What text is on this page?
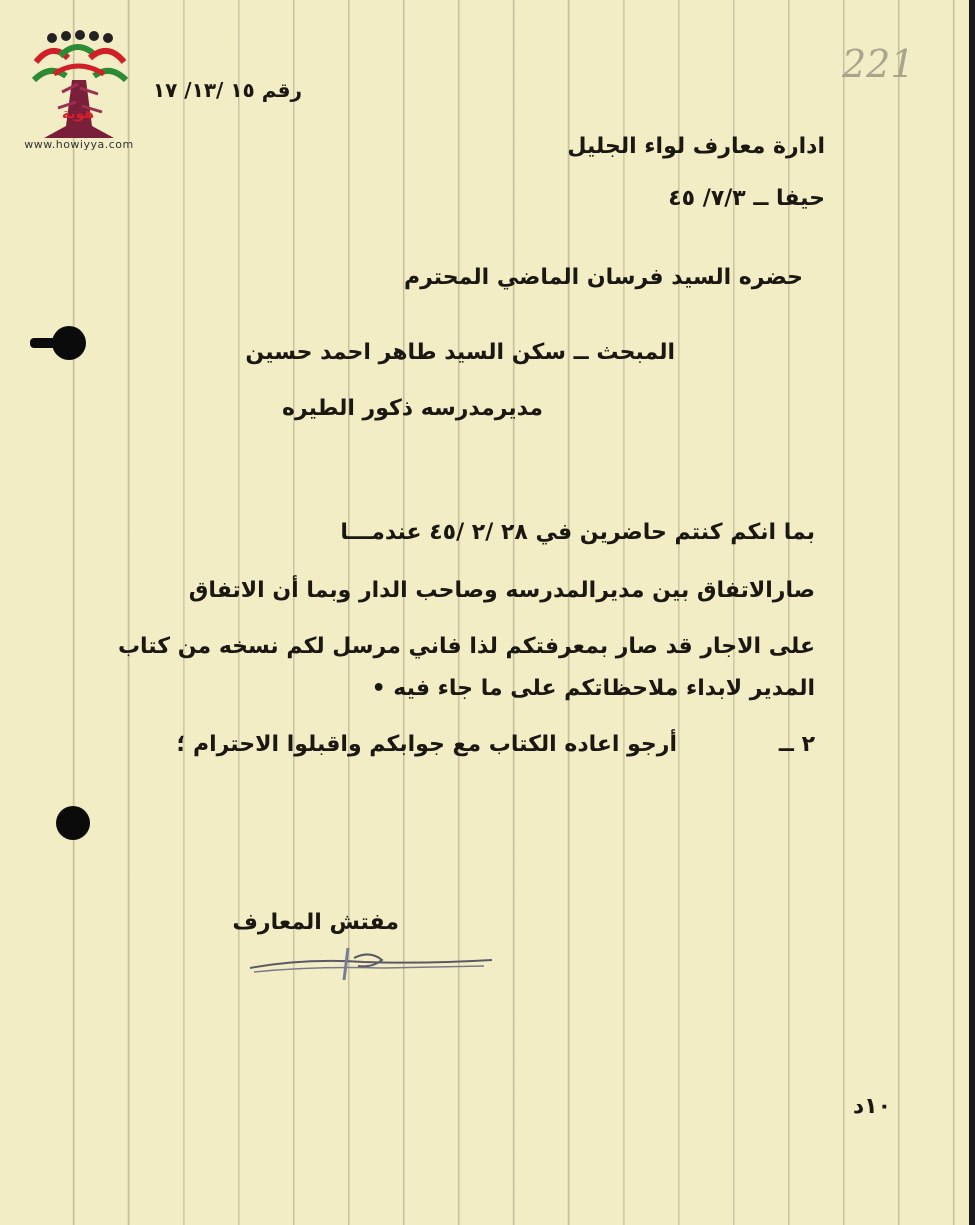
هوية
www.howiyya.com
221
رقم ١٥ /١٣/ ١٧
ادارة معارف لواء الجليل
حيفا ــ ٧/٣/ ٤٥
حضره السيد فرسان الماضي المحترم
المبحث ــ سكن السيد طاهر احمد حسين
مديرمدرسه ذكور الطيره
بما انكم كنتم حاضرين في ٢٨ /٢ /٤٥ عندمـــا
صارالاتفاق بين مديرالمدرسه وصاحب الدار وبما أن الاتفاق
على الاجار قد صار بمعرفتكم لذا فاني مرسل لكم نسخه من كتاب
المدير لابداء ملاحظاتكم على ما جاء فيه •
٢ ــ
أرجو اعاده الكتاب مع جوابكم واقبلوا الاحترام ؛
مفتش المعارف
١٠د
